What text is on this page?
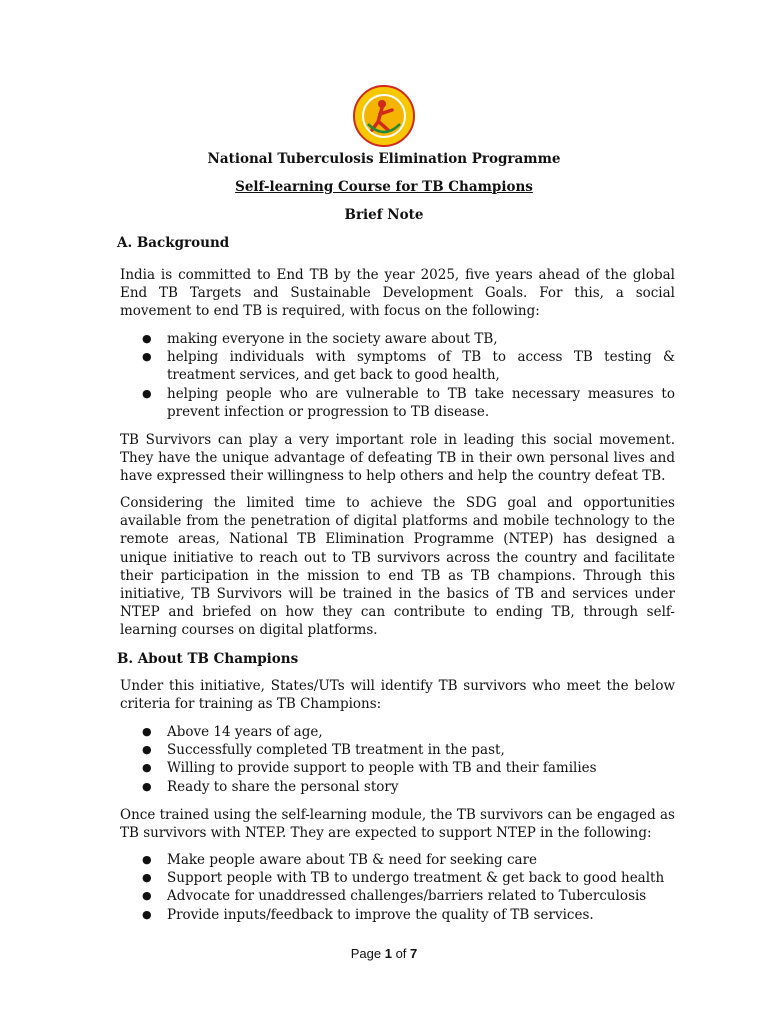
National Tuberculosis Elimination Programme
Self-learning Course for TB Champions
Brief Note
A. Background

India is committed to End TB by the year 2025, five years ahead of the global End TB Targets and Sustainable Development Goals. For this, a social movement to end TB is required, with focus on the following:

● making everyone in the society aware about TB,
● helping individuals with symptoms of TB to access TB testing & treatment services, and get back to good health,
● helping people who are vulnerable to TB take necessary measures to prevent infection or progression to TB disease.

TB Survivors can play a very important role in leading this social movement. They have the unique advantage of defeating TB in their own personal lives and have expressed their willingness to help others and help the country defeat TB.

Considering the limited time to achieve the SDG goal and opportunities available from the penetration of digital platforms and mobile technology to the remote areas, National TB Elimination Programme (NTEP) has designed a unique initiative to reach out to TB survivors across the country and facilitate their participation in the mission to end TB as TB champions. Through this initiative, TB Survivors will be trained in the basics of TB and services under NTEP and briefed on how they can contribute to ending TB, through self-learning courses on digital platforms.

B. About TB Champions

Under this initiative, States/UTs will identify TB survivors who meet the below criteria for training as TB Champions:

● Above 14 years of age,
● Successfully completed TB treatment in the past,
● Willing to provide support to people with TB and their families
● Ready to share the personal story

Once trained using the self-learning module, the TB survivors can be engaged as TB survivors with NTEP. They are expected to support NTEP in the following:

● Make people aware about TB & need for seeking care
● Support people with TB to undergo treatment & get back to good health
● Advocate for unaddressed challenges/barriers related to Tuberculosis
● Provide inputs/feedback to improve the quality of TB services.
Page 1 of 7
